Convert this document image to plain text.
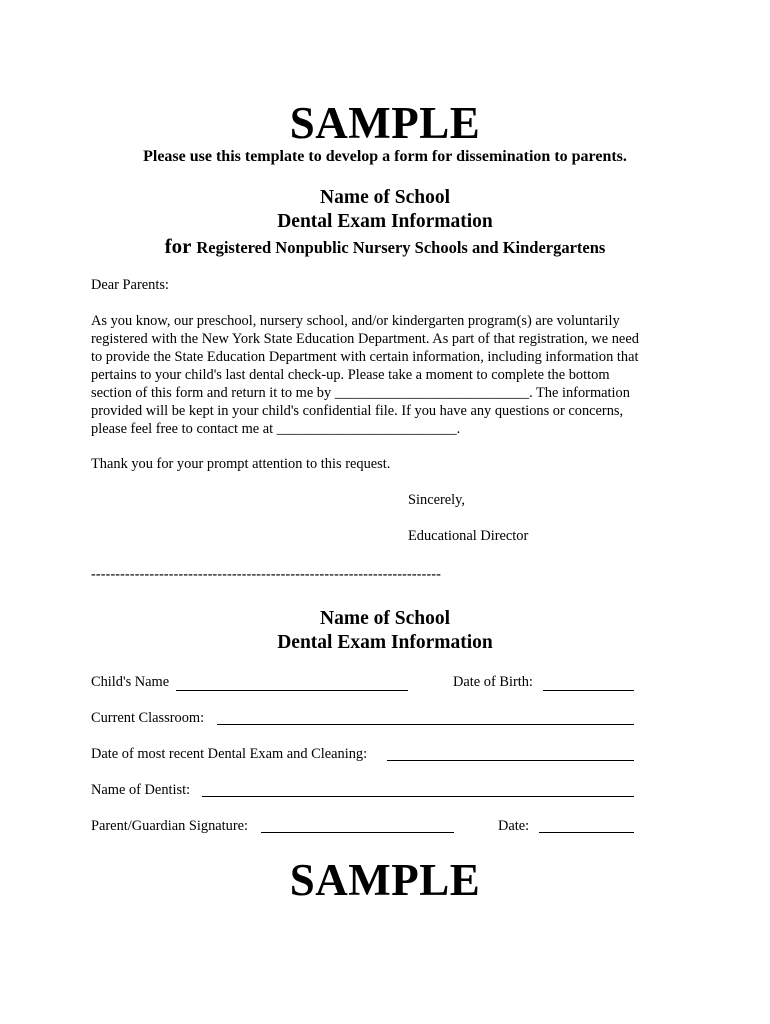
SAMPLE
Please use this template to develop a form for dissemination to parents.
Name of School
Dental Exam Information
for Registered Nonpublic Nursery Schools and Kindergartens
Dear Parents:
As you know, our preschool, nursery school, and/or kindergarten program(s) are voluntarily
registered with the New York State Education Department. As part of that registration, we need
to provide the State Education Department with certain information, including information that
pertains to your child's last dental check-up. Please take a moment to complete the bottom
section of this form and return it to me by ___________________________. The information
provided will be kept in your child's confidential file. If you have any questions or concerns,
please feel free to contact me at _________________________.
Thank you for your prompt attention to this request.
Sincerely,
Educational Director
------------------------------------------------------------------------
Name of School
Dental Exam Information
Child's Name	Date of Birth:
Current Classroom:
Date of most recent Dental Exam and Cleaning:
Name of Dentist:
Parent/Guardian Signature:	Date:
SAMPLE
